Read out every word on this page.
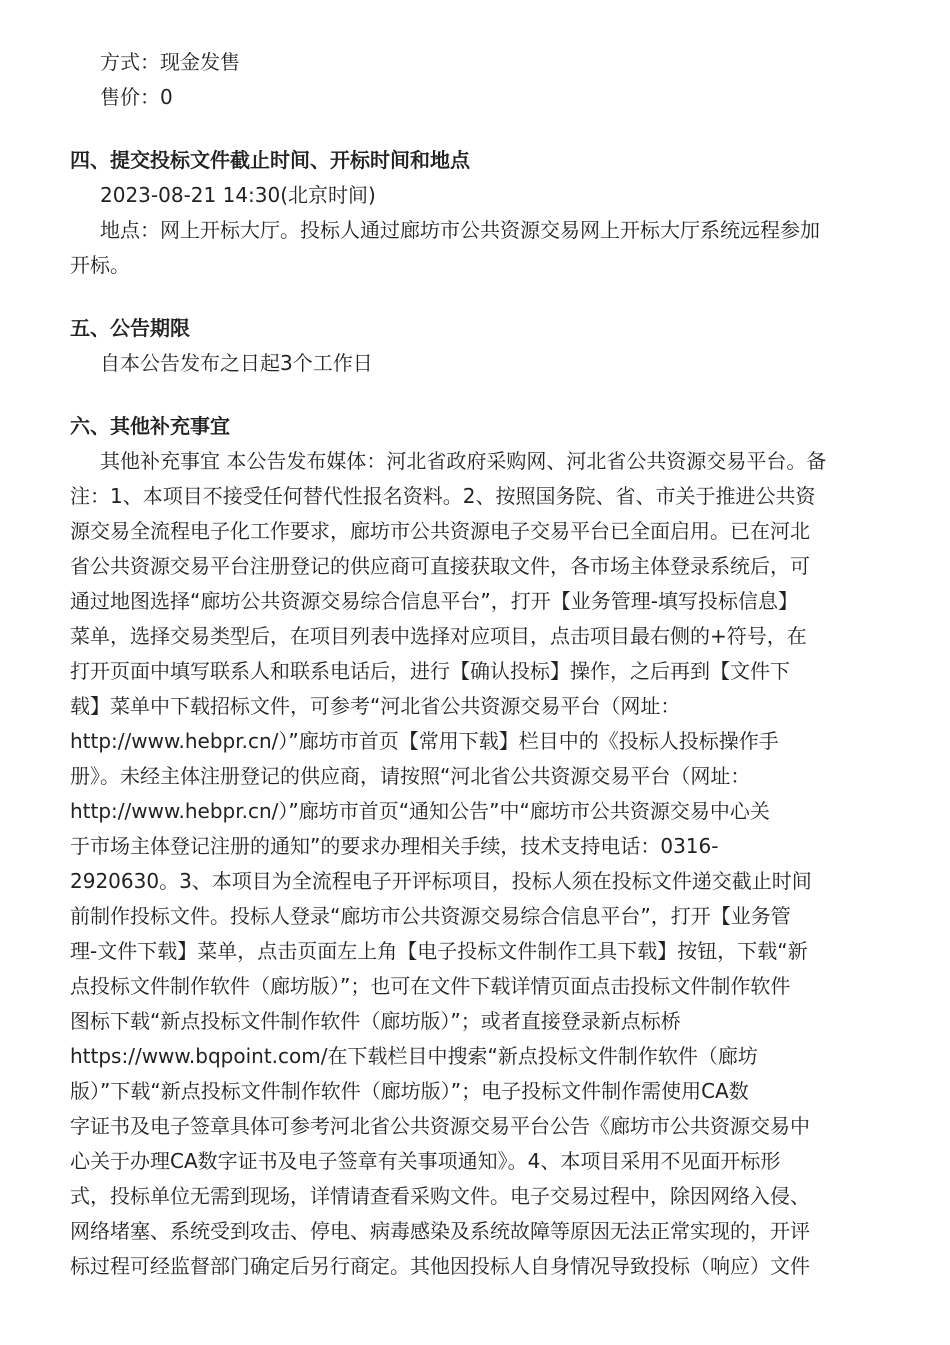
方式：现金发售
售价：0
四、提交投标文件截止时间、开标时间和地点
2023-08-21 14:30(北京时间)
地点：网上开标大厅。投标人通过廊坊市公共资源交易网上开标大厅系统远程参加
开标。
五、公告期限
自本公告发布之日起3个工作日
六、其他补充事宜
其他补充事宜 本公告发布媒体：河北省政府采购网、河北省公共资源交易平台。备
注：1、本项目不接受任何替代性报名资料。2、按照国务院、省、市关于推进公共资
源交易全流程电子化工作要求，廊坊市公共资源电子交易平台已全面启用。已在河北
省公共资源交易平台注册登记的供应商可直接获取文件，各市场主体登录系统后，可
通过地图选择“廊坊公共资源交易综合信息平台”，打开【业务管理-填写投标信息】
菜单，选择交易类型后，在项目列表中选择对应项目，点击项目最右侧的+符号，在
打开页面中填写联系人和联系电话后，进行【确认投标】操作，之后再到【文件下
载】菜单中下载招标文件，可参考“河北省公共资源交易平台（网址：
http://www.hebpr.cn/）”廊坊市首页【常用下载】栏目中的《投标人投标操作手
册》。未经主体注册登记的供应商，请按照“河北省公共资源交易平台（网址：
http://www.hebpr.cn/）”廊坊市首页“通知公告”中“廊坊市公共资源交易中心关
于市场主体登记注册的通知”的要求办理相关手续，技术支持电话：0316-
2920630。3、本项目为全流程电子开评标项目，投标人须在投标文件递交截止时间
前制作投标文件。投标人登录“廊坊市公共资源交易综合信息平台”，打开【业务管
理-文件下载】菜单，点击页面左上角【电子投标文件制作工具下载】按钮，下载“新
点投标文件制作软件（廊坊版）”；也可在文件下载详情页面点击投标文件制作软件
图标下载“新点投标文件制作软件（廊坊版）”；或者直接登录新点标桥
https://www.bqpoint.com/在下载栏目中搜索“新点投标文件制作软件（廊坊
版）”下载“新点投标文件制作软件（廊坊版）”；电子投标文件制作需使用CA数
字证书及电子签章具体可参考河北省公共资源交易平台公告《廊坊市公共资源交易中
心关于办理CA数字证书及电子签章有关事项通知》。4、本项目采用不见面开标形
式，投标单位无需到现场，详情请查看采购文件。电子交易过程中，除因网络入侵、
网络堵塞、系统受到攻击、停电、病毒感染及系统故障等原因无法正常实现的，开评
标过程可经监督部门确定后另行商定。其他因投标人自身情况导致投标（响应）文件
